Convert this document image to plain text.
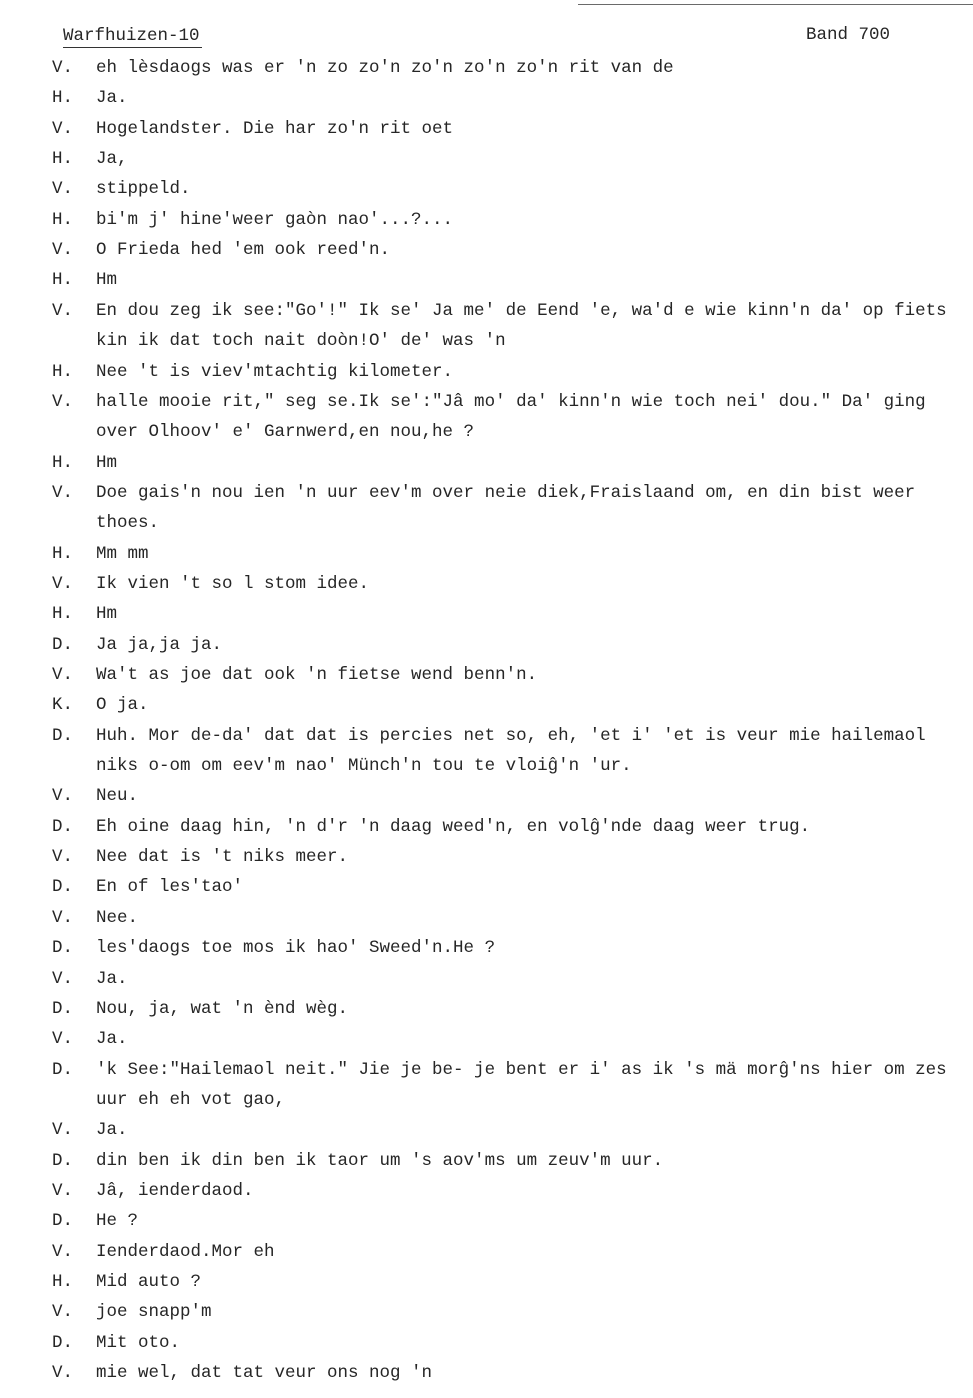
Warfhuizen-10	Band 700
V. eh lèsdaogs was er 'n zo zo'n zo'n zo'n zo'n rit van de
H. Ja.
V. Hogelandster. Die har zo'n rit oet
H. Ja,
V. stippeld.
H. bi'm j' hine'weer gaòn nao'...?...
V. O Frieda hed 'em ook reed'n.
H. Hm
V. En dou zeg ik see:"Go'!" Ik se' Ja me' de Eend 'e, wa'd e wie kinn'n da' op fiets
kin ik dat toch nait doòn!O' de' was 'n
H. Nee 't is viev'mtachtig kilometer.
V. halle mooie rit," seg se.Ik se':"Jâ mo' da' kinn'n wie toch nei' dou." Da' ging
over Olhoov' e' Garnwerd,en nou,he ?
H. Hm
V. Doe gais'n nou ien 'n uur eev'm over neie diek,Fraislaand om, en din bist weer
thoes.
H. Mm mm
V. Ik vien 't so l stom idee.
H. Hm
D. Ja ja,ja ja.
V. Wa't as joe dat ook 'n fietse wend benn'n.
K. O ja.
D. Huh. Mor de-da' dat dat is percies net so, eh, 'et i' 'et is veur mie hailemaol
niks o-om om eev'm nao' Münch'n tou te vloiĝ'n 'ur.
V. Neu.
D. Eh oine daag hin, 'n d'r 'n daag weed'n, en volĝ'nde daag weer trug.
V. Nee dat is 't niks meer.
D. En of les'tao'
V. Nee.
D. les'daogs toe mos ik hao' Sweed'n.He ?
V. Ja.
D. Nou, ja, wat 'n ènd wèg.
V. Ja.
D. 'k See:"Hailemaol neit." Jie je be- je bent er i' as ik 's mä morĝ'ns hier om zes
uur eh eh vot gao,
V. Ja.
D. din ben ik din ben ik taor um 's aov'ms um zeuv'm uur.
V. Jâ, ienderdaod.
D. He ?
V. Ienderdaod.Mor eh
H. Mid auto ?
V. joe snapp'm
D. Mit oto.
V. mie wel, dat tat veur ons nog 'n
